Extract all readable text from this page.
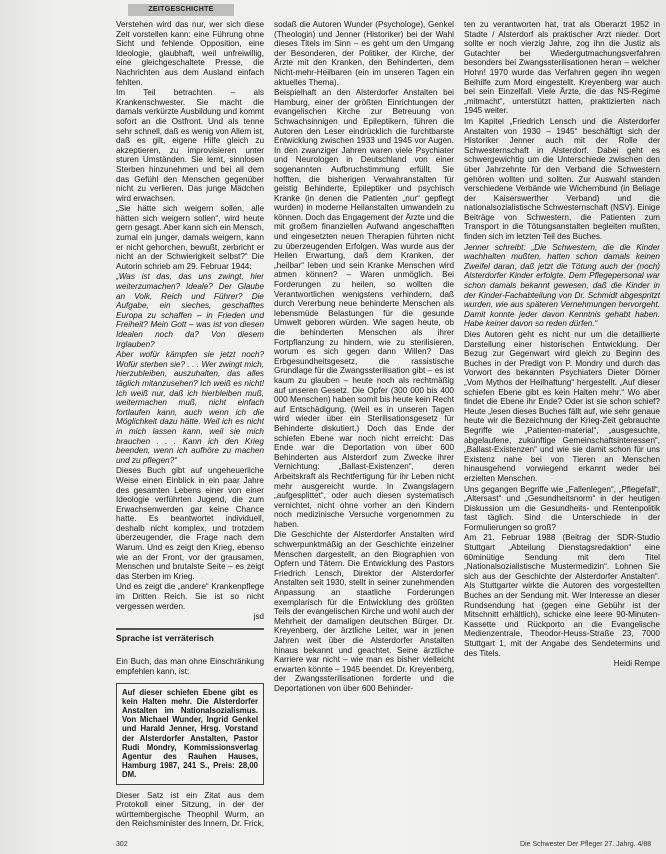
ZEITGESCHICHTE

Verstehen wird das nur, wer sich diese Zeit vorstellen kann: eine Führung ohne Sicht und fehlende Opposition, eine Ideologie, glaubhaft, weil unfreiwillig, eine gleichgeschaltete Presse, die Nachrichten aus dem Ausland einfach fehlten.

Im Teil betrachten – als Krankenschwester. Sie macht die damals verkürzte Ausbildung und kommt sofort an die Ostfront. Und als tenne sehr schnell, daß es wenig von Allem ist, daß es gilt, eigene Hilfe gleich zu akzeptieren, zu improvisieren unter sturen Umständen. Sie lernt, sinnlosen Sterben hinzunehmen und bei all dem das Gefühl den Menschen gegenüber nicht zu verlieren. Das junge Mädchen wird erwachsen.

„Sie hätte sich weigern sollen, alle hätten sich weigern sollen“, wird heute gern gesagt. Aber kann sich ein Mensch, zumal ein junger, damals weigern, kann er nicht gehorchen, bewußt, zerbricht er nicht an der Schwierigkeit selbst?“ Die Autorin schrieb am 29. Februar 1944:

„Was ist das, das uns zwingt, hier weiterzumachen? Ideale? Der Glaube an Volk, Reich und Führer? Die Aufgabe, ein sieches, geschafftes Europa zu schaffen – in Frieden und Freiheit? Mein Gott – was ist von diesen Idealen noch da? Von diesem Irglauben?

Aber wofür kämpfen sie jetzt noch? Wofür sterben sie? . . . Wer zwingt mich, hierzubleiben, auszuhalten, das alles täglich mitanzusehen? Ich weiß es nicht! Ich weiß nur, daß ich hierbleiben muß, weitermachen muß, nicht einfach fortlaufen kann, auch wenn ich die Möglichkeit dazu hätte. Weil ich es nicht in mich lassen kann, weil sie mich brauchen . . . Kann ich den Krieg beenden, wenn ich aufhöre zu machen und zu pflegen?“

Dieses Buch gibt auf ungeheuerliche Weise einen Einblick in ein paar Jahre des gesamten Lebens einer von einer Ideologie verführten Jugend, die zum Erwachsenwerden gar keine Chance hatte. Es beantwortet individuell, deshalb nicht komplex, und trotzdem überzeugender, die Frage nach dem Warum. Und es zeigt den Krieg, ebenso wie an der Front, vor der grausamen, Menschen und brutalste Seite – es zeigt das Sterben im Krieg.

Und es zeigt die „andere“ Krankenpflege im Dritten Reich. Sie ist so nicht vergessen werden.

jsd
Sprache ist verräterisch

Ein Buch, das man ohne Einschränkung empfehlen kann, ist:

Auf dieser schiefen Ebene gibt es kein Halten mehr. Die Alsterdorfer Anstalten im Nationalsozialismus. Von Michael Wunder, Ingrid Genkel und Harald Jenner, Hrsg. Vorstand der Alsterdorfer Anstalten, Pastor Rudi Mondry, Kommissionsverlag Agentur des Rauhen Hauses, Hamburg 1987, 241 S., Preis: 28,00 DM.

Dieser Satz ist ein Zitat aus dem Protokoll einer Sitzung, in der der württembergische Theophil Wurm, an den Reichsminister des Innern, Dr. Frick,

sodaß die Autoren Wunder (Psychologe), Genkel (Theologin) und Jenner (Historiker) bei der Wahl dieses Titels im Sinn – es geht um den Umgang der Besonderen, der Politiker, der Kirche, der Ärzte mit den Kranken, den Behinderten, dem Nicht-mehr-Heilbaren (ein im unseren Tagen ein aktuelles Thema).

Beispielhaft an den Alsterdorfer Anstalten bei Hamburg, einer der größten Einrichtungen der evangelischen Kirche zur Betreuung von Schwachsinnigen und Epileptikern, führen die Autoren den Leser eindrücklich die furchtbarste Entwicklung zwischen 1933 und 1945 vor Augen. In den zwanziger Jahren waren viele Psychiater und Neurologen in Deutschland von einer sogenannten Aufbruchstimmung erfüllt. Sie hofften, die bisherigen Verwahranstalten für geistig Behinderte, Epileptiker und psychisch Kranke (in denen die Patienten „nur“ gepflegt wurden) in moderne Heilanstalten umwandeln zu können. Doch das Engagement der Ärzte und die mit großem finanziellen Aufwand angeschafften und eingesetzten neuen Therapien führten nicht zu überzeugenden Erfolgen. Was wurde aus der Heilen Erwartung, daß dem Kranken, der „heilbar“ leben und sein Kranke Menschen wird atmen können? – Waren unmöglich. Bei Forderungen zu heilen, so wollten die Verantwortlichen wenigstens verhindern, daß durch Vererbung neue behinderte Menschen als lebensmüde Belastungen für die gesunde Umwelt geboren würden. Wie sagen heute, ob die behinderten Menschen als ihrer Fortpflanzung zu hindern, wie zu sterilisieren, worum es sich gegen dann Willen? Das Erbgesundheitsgesetz, die rassistische Grundlage für die Zwangssterilisation gibt – es ist kaum zu glauben – heute noch als rechtmäßig auf unseren Gesetz. Die Opfer (300 000 bis 400 000 Menschen) haben somit bis heute kein Recht auf Entschädigung. (Weil es in unseren Tagen wird wieder über ein Sterilisationsgesetz für Behinderte diskutiert.) Doch das Ende der schiefen Ebene war noch nicht erreicht: Das Ende war die Deportation von über 600 Behinderten aus Alsterdorf zum Zwecke ihrer Vernichtung: „Ballast-Existenzen“, deren Arbeitskraft als Rechtfertigung für ihr Leben nicht mehr ausgereicht wurde. In Zwangslagern „aufgesplittet“, oder auch diesen systematisch vernichtet, nicht ohne vorher an den Kindern noch medizinische Versuche vorgenommen zu haben.

Die Geschichte der Alsterdorfer Anstalten wird schwerpunktmäßig an der Geschichte einzelner Menschen dargestellt, an den Biographien von Opfern und Tätern. Die Entwicklung des Pastors Friedrich Lensch, Direktor der Alsterdorfer Anstalten seit 1930, stellt in seiner zunehmenden Anpassung an staatliche Forderungen exemplarisch für die Entwicklung des größten Teils der evangelischen Kirche und wohl auch der Mehrheit der damaligen deutschen Bürger. Dr. Kreyenberg, der ärztliche Leiter, war in jenen Jahren weit über die Alsterdorfer Anstalten hinaus bekannt und geachtet. Seine ärztliche Karriere war nicht – wie man es bisher vielleicht erwarten könnte – 1945 beendet. Dr. Kreyenberg, der Zwangssterilisationen forderte und die Deportationen von über 600 Behinder-

ten zu verantworten hat, trat als Oberarzt 1952 in Stadte / Alsterdorf als praktischer Arzt nieder. Dort sollte er noch vierzig Jahre, zog ihn die Justiz als Gutachter bei Wiedergutmachungsverfahren besonders bei Zwangssterilisationen heran – welcher Hohn! 1970 wurde das Verfahren gegen ihn wegen Beihilfe zum Mord eingestellt. Kreyenberg war auch bei sein Einzelfall. Viele Ärzte, die das NS-Regime „mitmacht“, unterstützt hatten, praktizierten nach 1945 weiter.

Im Kapitel „Friedrich Lensch und die Alsterdorfer Anstalten von 1930 – 1945“ beschäftigt sich der Historiker Jenner auch mit der Rolle der Schwesternschaft in Alsterdorf. Dabei geht es schwergewichtig um die Unterschiede zwischen den über Jahrzehnte für den Verband die Schwestern gehören wollten und sollten. Zur Auswahl standen verschiedene Verbände wie Wichernbund (in Beliage der Kaiserswerther Verband) und die nationalsozialistische Schwesternschaft (NSV). Einige Beiträge von Schwestern, die Patienten zum Transport in die Tötungsanstalten begleiten mußten, finden sich im letzten Teil des Buches.

Jenner schreibt: „Die Schwestern, die die Kinder wachhalten mußten, hatten schon damals keinen Zweifel daran, daß jetzt die Tötung auch der (noch) Alsterdorfer Kinder erfolgte. Dem Pflegepersonal war schon damals bekannt gewesen, daß die Kinder in der Kinder-Fachabteilung von Dr. Schmidt abgespritzt wurden, wie aus späteren Vernehmungen hervorgeht. Damit konnte jeder davon Kenntnis gehabt haben. Habe keiner davon so reden dürfen.“

Dies Autoren geht es nicht nur um die detaillierte Darstellung einer historischen Entwicklung. Der Bezug zur Gegenwart wird gleich zu Beginn des Buches in der Predigt von P. Mondry und durch das Vorwort des bekannten Psychiaters Dieter Dörner „Vom Mythos der Heilhaftung“ hergestellt. „Auf dieser schiefen Ebene gibt es kein Halten mehr.“ Wo aber findet die Ebene ihr Ende? Oder ist sie schon schief? Heute „lesen dieses Buches fällt auf, wie sehr genaue heute wir die Bezeichnung der Krieg-Zeit gebrauchte Begriffe wie „Patienten-material“, „ausgesuchte, abgelaufene, zukünftige Gemeinschaftsinteressen“, „Ballast-Existenzen“ und wie sie damit schon für uns Existenz nahe bei von Tieren an Menschen hinausgehend vorwiegend erkannt weder bei erzielten Menschen.

Uns gegangen Begriffe wie „Fallenlegen“, „Pflegefall“, „Altersast“ und „Gesundheitsnorm“ in der heutigen Diskussion um die Gesundheits- und Rentenpolitik fast täglich. Sind die Unterschiede in der Formulierungen so groß?

Am 21. Februar 1988 (Beitrag der SDR-Studio Stuttgart „Abteilung Dienstagsredaktion“ eine 60minütige Sendung mit dem Titel „Nationalsozialistische Mustermedizin“. Lohnen Sie sich aus der Geschichte der Alsterdorfer Anstalten“. Als Stuttgarter wirkte die Autoren des vorgestellten Buches an der Sendung mit. Wer Interesse an dieser Rundsendung hat (gegen eine Gebühr ist der Mitschnitt erhältlich), schicke eine leere 90-Minuten-Kassette und Rückporto an die Evangelische Medienzentrale, Theodor-Heuss-Straße 23, 7000 Stuttgart 1, mit der Angabe des Sendetermins und des Titels.

Heidi Rempe
302	Die Schwester Der Pfleger 27. Jahrg. 4/88
